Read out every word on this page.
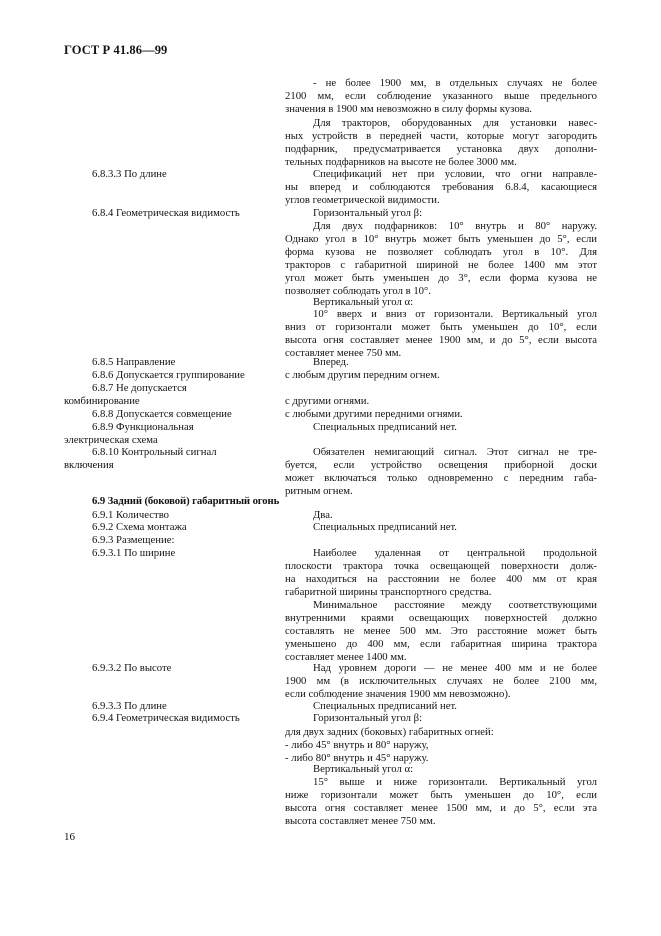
ГОСТ Р 41.86—99
- не более 1900 мм, в отдельных случаях не более
2100 мм, если соблюдение указанного выше предельного
значения в 1900 мм невозможно в силу формы кузова.
Для тракторов, оборудованных для установки навес-
ных устройств в передней части, которые могут загородить
подфарник, предусматривается установка двух дополни-
тельных подфарников на высоте не более 3000 мм.
Спецификаций нет при условии, что огни направле-
ны вперед и соблюдаются требования 6.8.4, касающиеся
углов геометрической видимости.
Горизонтальный угол β:
Для двух подфарников: 10° внутрь и 80° наружу.
Однако угол в 10° внутрь может быть уменьшен до 5°, если
форма кузова не позволяет соблюдать угол в 10°. Для
тракторов с габаритной шириной не более 1400 мм этот
угол может быть уменьшен до 3°, если форма кузова не
позволяет соблюдать угол в 10°.
Вертикальный угол α:
10° вверх и вниз от горизонтали. Вертикальный угол
вниз от горизонтали может быть уменьшен до 10°, если
высота огня составляет менее 1900 мм, и до 5°, если высота
составляет менее 750 мм.
Вперед.
с любым другим передним огнем.
с другими огнями.
с любыми другими передними огнями.
Специальных предписаний нет.
Обязателен немигающий сигнал. Этот сигнал не тре-
буется, если устройство освещения приборной доски
может включаться только одновременно с передним габа-
ритным огнем.
Два.
Специальных предписаний нет.
Наиболее удаленная от центральной продольной
плоскости трактора точка освещающей поверхности долж-
на находиться на расстоянии не более 400 мм от края
габаритной ширины транспортного средства.
Минимальное расстояние между соответствующими
внутренними краями освещающих поверхностей должно
составлять не менее 500 мм. Это расстояние может быть
уменьшено до 400 мм, если габаритная ширина трактора
составляет менее 1400 мм.
Над уровнем дороги — не менее 400 мм и не более
1900 мм (в исключительных случаях не более 2100 мм,
если соблюдение значения 1900 мм невозможно).
Специальных предписаний нет.
Горизонтальный угол β:
для двух задних (боковых) габаритных огней:
- либо 45° внутрь и 80° наружу,
- либо 80° внутрь и 45° наружу.
Вертикальный угол α:
15° выше и ниже горизонтали. Вертикальный угол
ниже горизонтали может быть уменьшен до 10°, если
высота огня составляет менее 1500 мм, и до 5°, если эта
высота составляет менее 750 мм.
6.8.3.3 По длине
6.8.4 Геометрическая видимость
6.8.5 Направление
6.8.6 Допускается группирование
6.8.7 Не допускается
комбинирование
6.8.8 Допускается совмещение
6.8.9 Функциональная
электрическая схема
6.8.10 Контрольный сигнал
включения
6.9 Задний (боковой) габаритный огонь
6.9.1 Количество
6.9.2 Схема монтажа
6.9.3 Размещение:
6.9.3.1 По ширине
6.9.3.2 По высоте
6.9.3.3 По длине
6.9.4 Геометрическая видимость
16
